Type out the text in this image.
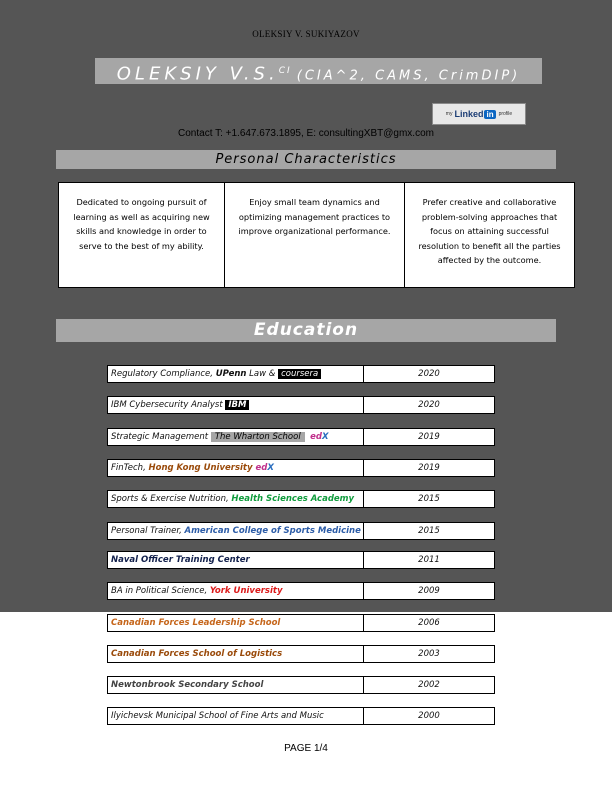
OLEKSIY V. SUKIYAZOV
OLEKSIY V.S.$^{CI}$ (CIA^2, CAMS, CrimDIP)
my Linked in	profile
Contact T: +1.647.673.1895, E: consultingXBT@gmx.com
Personal Characteristics
Dedicated to ongoing pursuit of learning as well as acquiring new skills and knowledge in order to serve to the best of my ability.
Enjoy small team dynamics and optimizing management practices to improve organizational performance.
Prefer creative and collaborative problem-solving approaches that focus on attaining successful resolution to benefit all the parties affected by the outcome.
Education
Regulatory Compliance, UPenn Law & coursera	2020
IBM Cybersecurity Analyst IBM	2020
Strategic Management The Wharton School edX	2019
FinTech, Hong Kong University edX	2019
Sports & Exercise Nutrition, Health Sciences Academy	2015
Personal Trainer, American College of Sports Medicine	2015
Naval Officer Training Center	2011
BA in Political Science, York University	2009
Canadian Forces Leadership School	2006
Canadian Forces School of Logistics	2003
Newtonbrook Secondary School	2002
Ilyichevsk Municipal School of Fine Arts and Music	2000
PAGE 1/4
